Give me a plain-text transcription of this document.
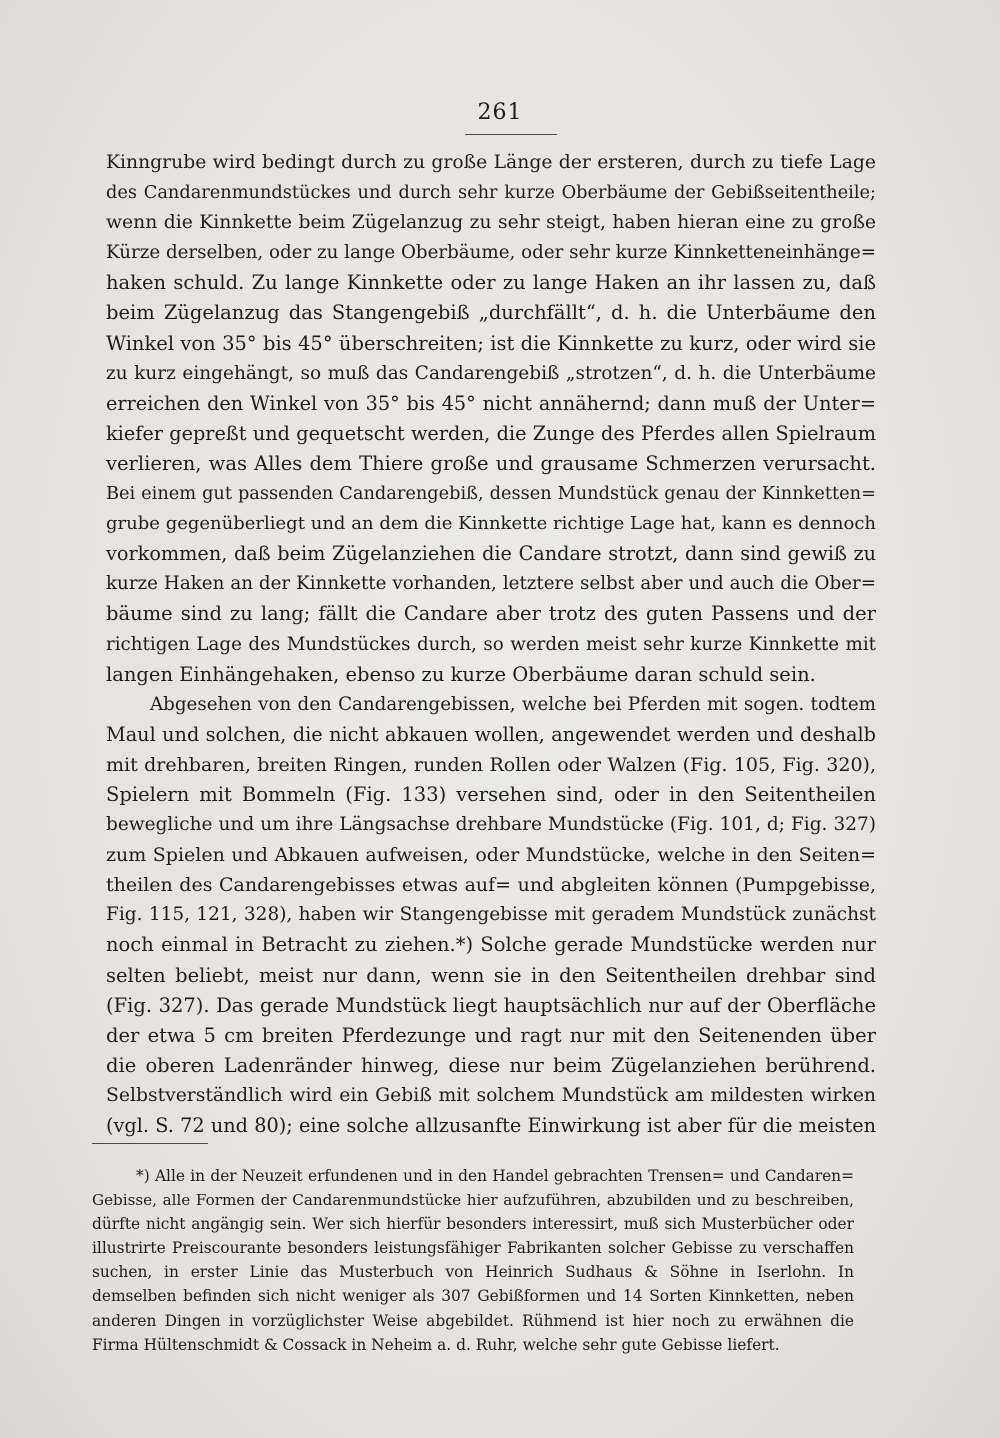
261
Kinngrube wird bedingt durch zu große Länge der ersteren, durch zu tiefe Lage
des Candarenmundstückes und durch sehr kurze Oberbäume der Gebißseitentheile;
wenn die Kinnkette beim Zügelanzug zu sehr steigt, haben hieran eine zu große
Kürze derselben, oder zu lange Oberbäume, oder sehr kurze Kinnketteneinhänge=
haken schuld. Zu lange Kinnkette oder zu lange Haken an ihr lassen zu, daß
beim Zügelanzug das Stangengebiß „durchfällt“, d. h. die Unterbäume den
Winkel von 35° bis 45° überschreiten; ist die Kinnkette zu kurz, oder wird sie
zu kurz eingehängt, so muß das Candarengebiß „strotzen“, d. h. die Unterbäume
erreichen den Winkel von 35° bis 45° nicht annähernd; dann muß der Unter=
kiefer gepreßt und gequetscht werden, die Zunge des Pferdes allen Spielraum
verlieren, was Alles dem Thiere große und grausame Schmerzen verursacht.
Bei einem gut passenden Candarengebiß, dessen Mundstück genau der Kinnketten=
grube gegenüberliegt und an dem die Kinnkette richtige Lage hat, kann es dennoch
vorkommen, daß beim Zügelanziehen die Candare strotzt, dann sind gewiß zu
kurze Haken an der Kinnkette vorhanden, letztere selbst aber und auch die Ober=
bäume sind zu lang; fällt die Candare aber trotz des guten Passens und der
richtigen Lage des Mundstückes durch, so werden meist sehr kurze Kinnkette mit
langen Einhängehaken, ebenso zu kurze Oberbäume daran schuld sein.
Abgesehen von den Candarengebissen, welche bei Pferden mit sogen. todtem
Maul und solchen, die nicht abkauen wollen, angewendet werden und deshalb
mit drehbaren, breiten Ringen, runden Rollen oder Walzen (Fig. 105, Fig. 320),
Spielern mit Bommeln (Fig. 133) versehen sind, oder in den Seitentheilen
bewegliche und um ihre Längsachse drehbare Mundstücke (Fig. 101, d; Fig. 327)
zum Spielen und Abkauen aufweisen, oder Mundstücke, welche in den Seiten=
theilen des Candarengebisses etwas auf= und abgleiten können (Pumpgebisse,
Fig. 115, 121, 328), haben wir Stangengebisse mit geradem Mundstück zunächst
noch einmal in Betracht zu ziehen.*) Solche gerade Mundstücke werden nur
selten beliebt, meist nur dann, wenn sie in den Seitentheilen drehbar sind
(Fig. 327). Das gerade Mundstück liegt hauptsächlich nur auf der Oberfläche
der etwa 5 cm breiten Pferdezunge und ragt nur mit den Seitenenden über
die oberen Ladenränder hinweg, diese nur beim Zügelanziehen berührend.
Selbstverständlich wird ein Gebiß mit solchem Mundstück am mildesten wirken
(vgl. S. 72 und 80); eine solche allzusanfte Einwirkung ist aber für die meisten
*) Alle in der Neuzeit erfundenen und in den Handel gebrachten Trensen= und Candaren=
Gebisse, alle Formen der Candarenmundstücke hier aufzuführen, abzubilden und zu beschreiben,
dürfte nicht angängig sein. Wer sich hierfür besonders interessirt, muß sich Musterbücher oder
illustrirte Preiscourante besonders leistungsfähiger Fabrikanten solcher Gebisse zu verschaffen
suchen, in erster Linie das Musterbuch von Heinrich Sudhaus & Söhne in Iserlohn. In
demselben befinden sich nicht weniger als 307 Gebißformen und 14 Sorten Kinnketten, neben
anderen Dingen in vorzüglichster Weise abgebildet. Rühmend ist hier noch zu erwähnen die
Firma Hültenschmidt & Cossack in Neheim a. d. Ruhr, welche sehr gute Gebisse liefert.
